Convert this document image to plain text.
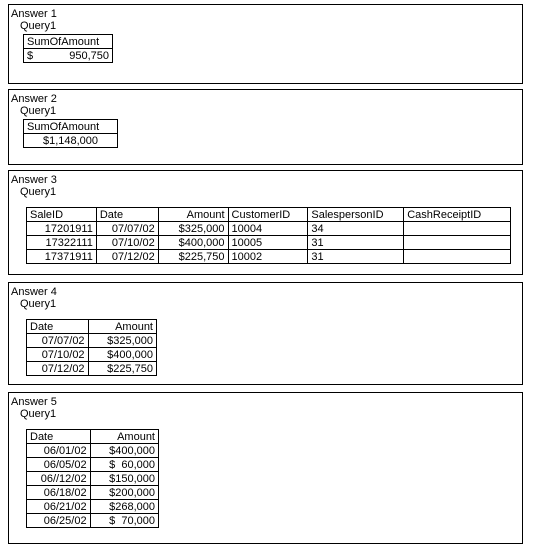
Answer 1
Query1
SumOfAmount

$	950,750
Answer 2
Query1
SumOfAmount
$1,148,000
Answer 3
Query1
SaleID	Date	Amount	CustomerID	SalespersonID	CashReceiptID
17201911	07/07/02	$325,000	10004	34	
17322111	07/10/02	$400,000	10005	31	
17371911	07/12/02	$225,750	10002	31	
Answer 4
Query1
Date	Amount
07/07/02	$325,000
07/10/02	$400,000
07/12/02	$225,750
Answer 5
Query1
Date	Amount
06/01/02	$400,000
06/05/02	$  60,000
06//12/02	$150,000
06/18/02	$200,000
06/21/02	$268,000
06/25/02	$  70,000
